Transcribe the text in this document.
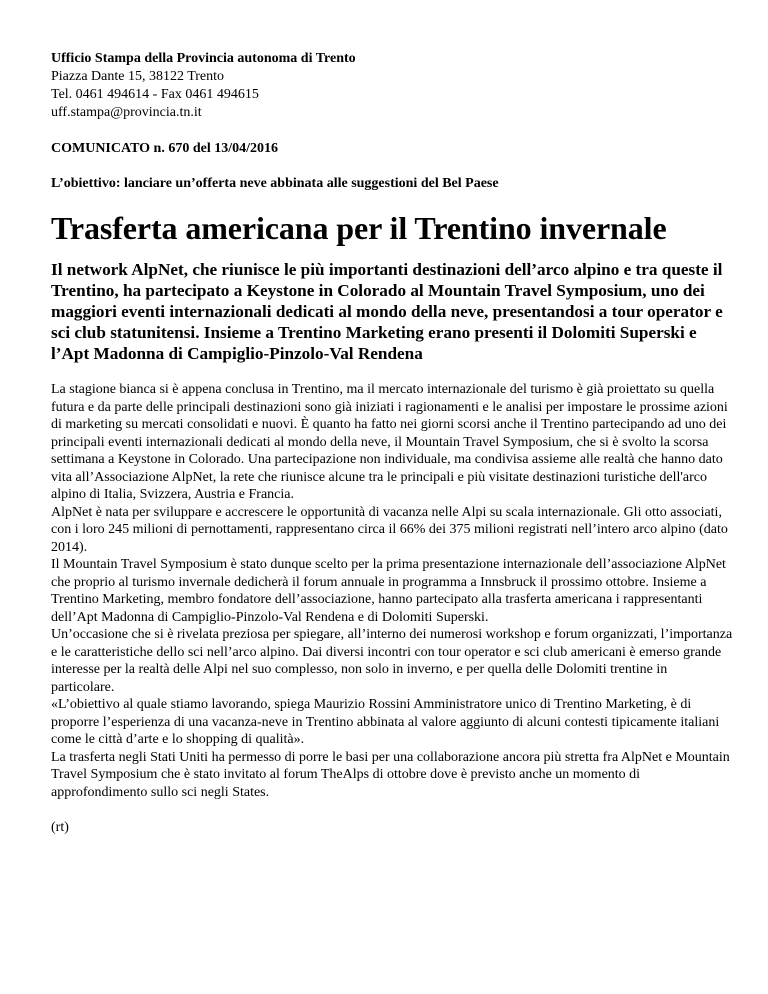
Ufficio Stampa della Provincia autonoma di Trento

Piazza Dante 15, 38122 Trento

Tel. 0461 494614 - Fax 0461 494615

uff.stampa@provincia.tn.it

COMUNICATO n. 670 del 13/04/2016

L’obiettivo: lanciare un’offerta neve abbinata alle suggestioni del Bel Paese

Trasferta americana per il Trentino invernale

Il network AlpNet, che riunisce le più importanti destinazioni dell’arco alpino e tra queste il Trentino, ha partecipato a Keystone in Colorado al Mountain Travel Symposium, uno dei maggiori eventi internazionali dedicati al mondo della neve, presentandosi a tour operator e sci club statunitensi. Insieme a Trentino Marketing erano presenti il Dolomiti Superski e l’Apt Madonna di Campiglio-Pinzolo-Val Rendena

La stagione bianca si è appena conclusa in Trentino, ma il mercato internazionale del turismo è già proiettato su quella futura e da parte delle principali destinazioni sono già iniziati i ragionamenti e le analisi per impostare le prossime azioni di marketing su mercati consolidati e nuovi. È quanto ha fatto nei giorni scorsi anche il Trentino partecipando ad uno dei principali eventi internazionali dedicati al mondo della neve, il Mountain Travel Symposium, che si è svolto la scorsa settimana a Keystone in Colorado. Una partecipazione non individuale, ma condivisa assieme alle realtà che hanno dato vita all’Associazione AlpNet, la rete che riunisce alcune tra le principali e più visitate destinazioni turistiche dell'arco alpino di Italia, Svizzera, Austria e Francia.

AlpNet è nata per sviluppare e accrescere le opportunità di vacanza nelle Alpi su scala internazionale. Gli otto associati, con i loro 245 milioni di pernottamenti, rappresentano circa il 66% dei 375 milioni registrati nell’intero arco alpino (dato 2014).

Il Mountain Travel Symposium è stato dunque scelto per la prima presentazione internazionale dell’associazione AlpNet che proprio al turismo invernale dedicherà il forum annuale in programma a Innsbruck il prossimo ottobre. Insieme a Trentino Marketing, membro fondatore dell’associazione, hanno partecipato alla trasferta americana i rappresentanti dell’Apt Madonna di Campiglio-Pinzolo-Val Rendena e di Dolomiti Superski.

Un’occasione che si è rivelata preziosa per spiegare, all’interno dei numerosi workshop e forum organizzati, l’importanza e le caratteristiche dello sci nell’arco alpino. Dai diversi incontri con tour operator e sci club americani è emerso grande interesse per la realtà delle Alpi nel suo complesso, non solo in inverno, e per quella delle Dolomiti trentine in particolare.

«L’obiettivo al quale stiamo lavorando, spiega Maurizio Rossini Amministratore unico di Trentino Marketing, è di proporre l’esperienza di una vacanza-neve in Trentino abbinata al valore aggiunto di alcuni contesti tipicamente italiani come le città d’arte e lo shopping di qualità».

La trasferta negli Stati Uniti ha permesso di porre le basi per una collaborazione ancora più stretta fra AlpNet e Mountain Travel Symposium che è stato invitato al forum TheAlps di ottobre dove è previsto anche un momento di approfondimento sullo sci negli States.

(rt)
